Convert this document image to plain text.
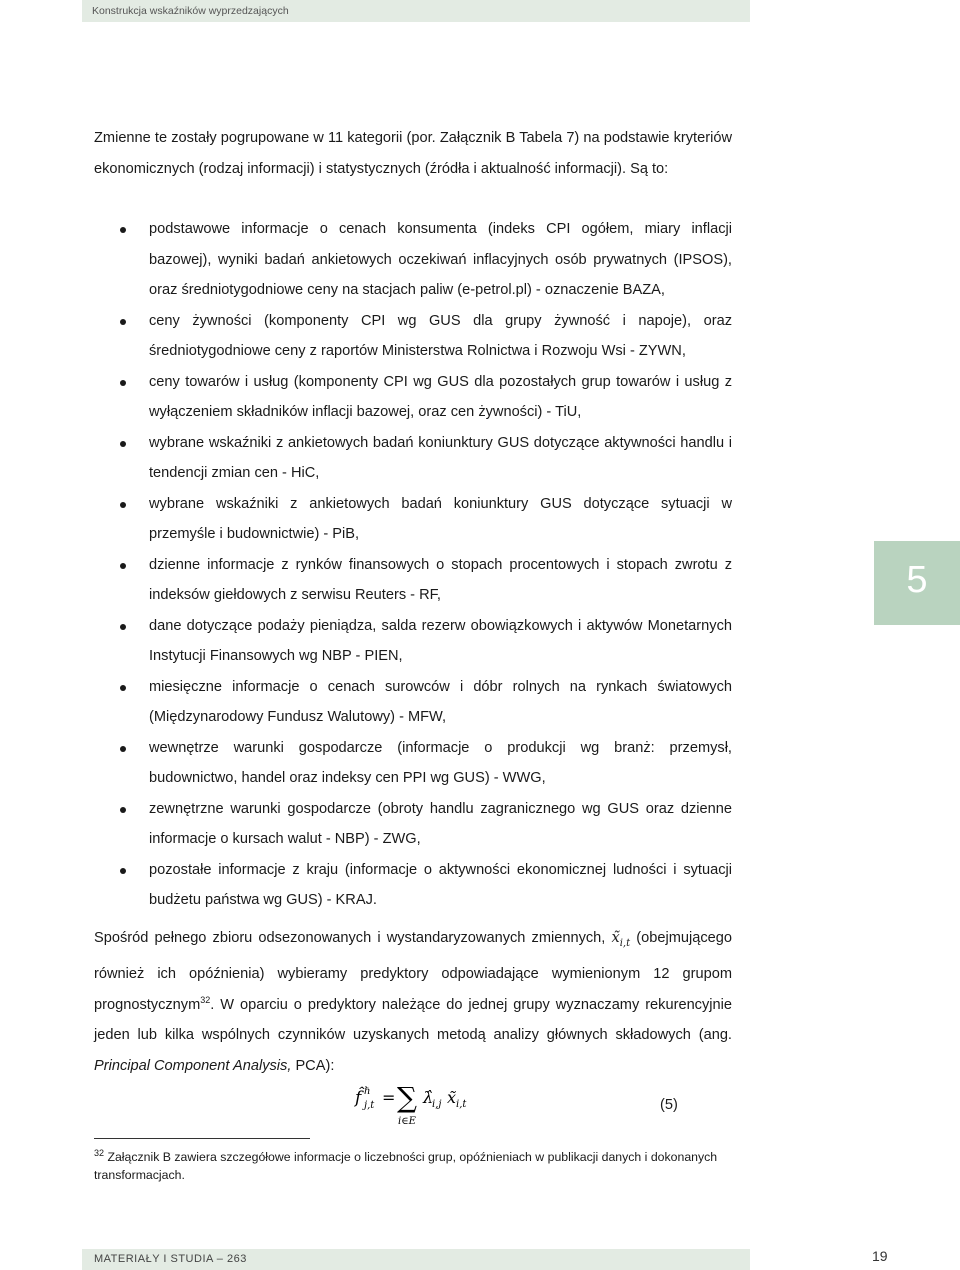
Konstrukcja wskaźników wyprzedzających

Zmienne te zostały pogrupowane w 11 kategorii (por. Załącznik B Tabela 7) na podstawie kryteriów ekonomicznych (rodzaj informacji) i statystycznych (źródła i aktualność informacji). Są to:

podstawowe informacje o cenach konsumenta (indeks CPI ogółem, miary inflacji bazowej), wyniki badań ankietowych oczekiwań inflacyjnych osób prywatnych (IPSOS), oraz średniotygodniowe ceny na stacjach paliw (e-petrol.pl) - oznaczenie BAZA,
ceny żywności (komponenty CPI wg GUS dla grupy żywność i napoje), oraz średniotygodniowe ceny z raportów Ministerstwa Rolnictwa i Rozwoju Wsi - ZYWN,
ceny towarów i usług (komponenty CPI wg GUS dla pozostałych grup towarów i usług z wyłączeniem składników inflacji bazowej, oraz cen żywności) - TiU,
wybrane wskaźniki z ankietowych badań koniunktury GUS dotyczące aktywności handlu i tendencji zmian cen - HiC,
wybrane wskaźniki z ankietowych badań koniunktury GUS dotyczące sytuacji w przemyśle i budownictwie) - PiB,
dzienne informacje z rynków finansowych o stopach procentowych i stopach zwrotu z indeksów giełdowych z serwisu Reuters - RF,
dane dotyczące podaży pieniądza, salda rezerw obowiązkowych i aktywów Monetarnych Instytucji Finansowych wg NBP - PIEN,
miesięczne informacje o cenach surowców i dóbr rolnych na rynkach światowych (Międzynarodowy Fundusz Walutowy) - MFW,
wewnętrze warunki gospodarcze (informacje o produkcji wg branż: przemysł, budownictwo, handel oraz indeksy cen PPI wg GUS) - WWG,
zewnętrzne warunki gospodarcze (obroty handlu zagranicznego wg GUS oraz dzienne informacje o kursach walut - NBP) - ZWG,
pozostałe informacje z kraju (informacje o aktywności ekonomicznej ludności i sytuacji budżetu państwa wg GUS) - KRAJ.

Spośród pełnego zbioru odsezonowanych i wystandaryzowanych zmiennych, $x̃_{i,t}$ (obejmującego również ich opóźnienia) wybieramy predyktory odpowiadające wymienionym 12 grupom prognostycznym$^{32}$. W oparciu o predyktory należące do jednej grupy wyznaczamy rekurencyjnie jeden lub kilka wspólnych czynników uzyskanych metodą analizy głównych składowych (ang. Principal Component Analysis, PCA):

f̂ ℏ
j,t = ∑
i∈E
λ̂
i,j x̃ i,t	(5)
$^{32}$ Załącznik B zawiera szczegółowe informacje o liczebności grup, opóźnieniach w publikacji danych i dokonanych transformacjach.
5
MATERIAŁY I STUDIA – 263	19
